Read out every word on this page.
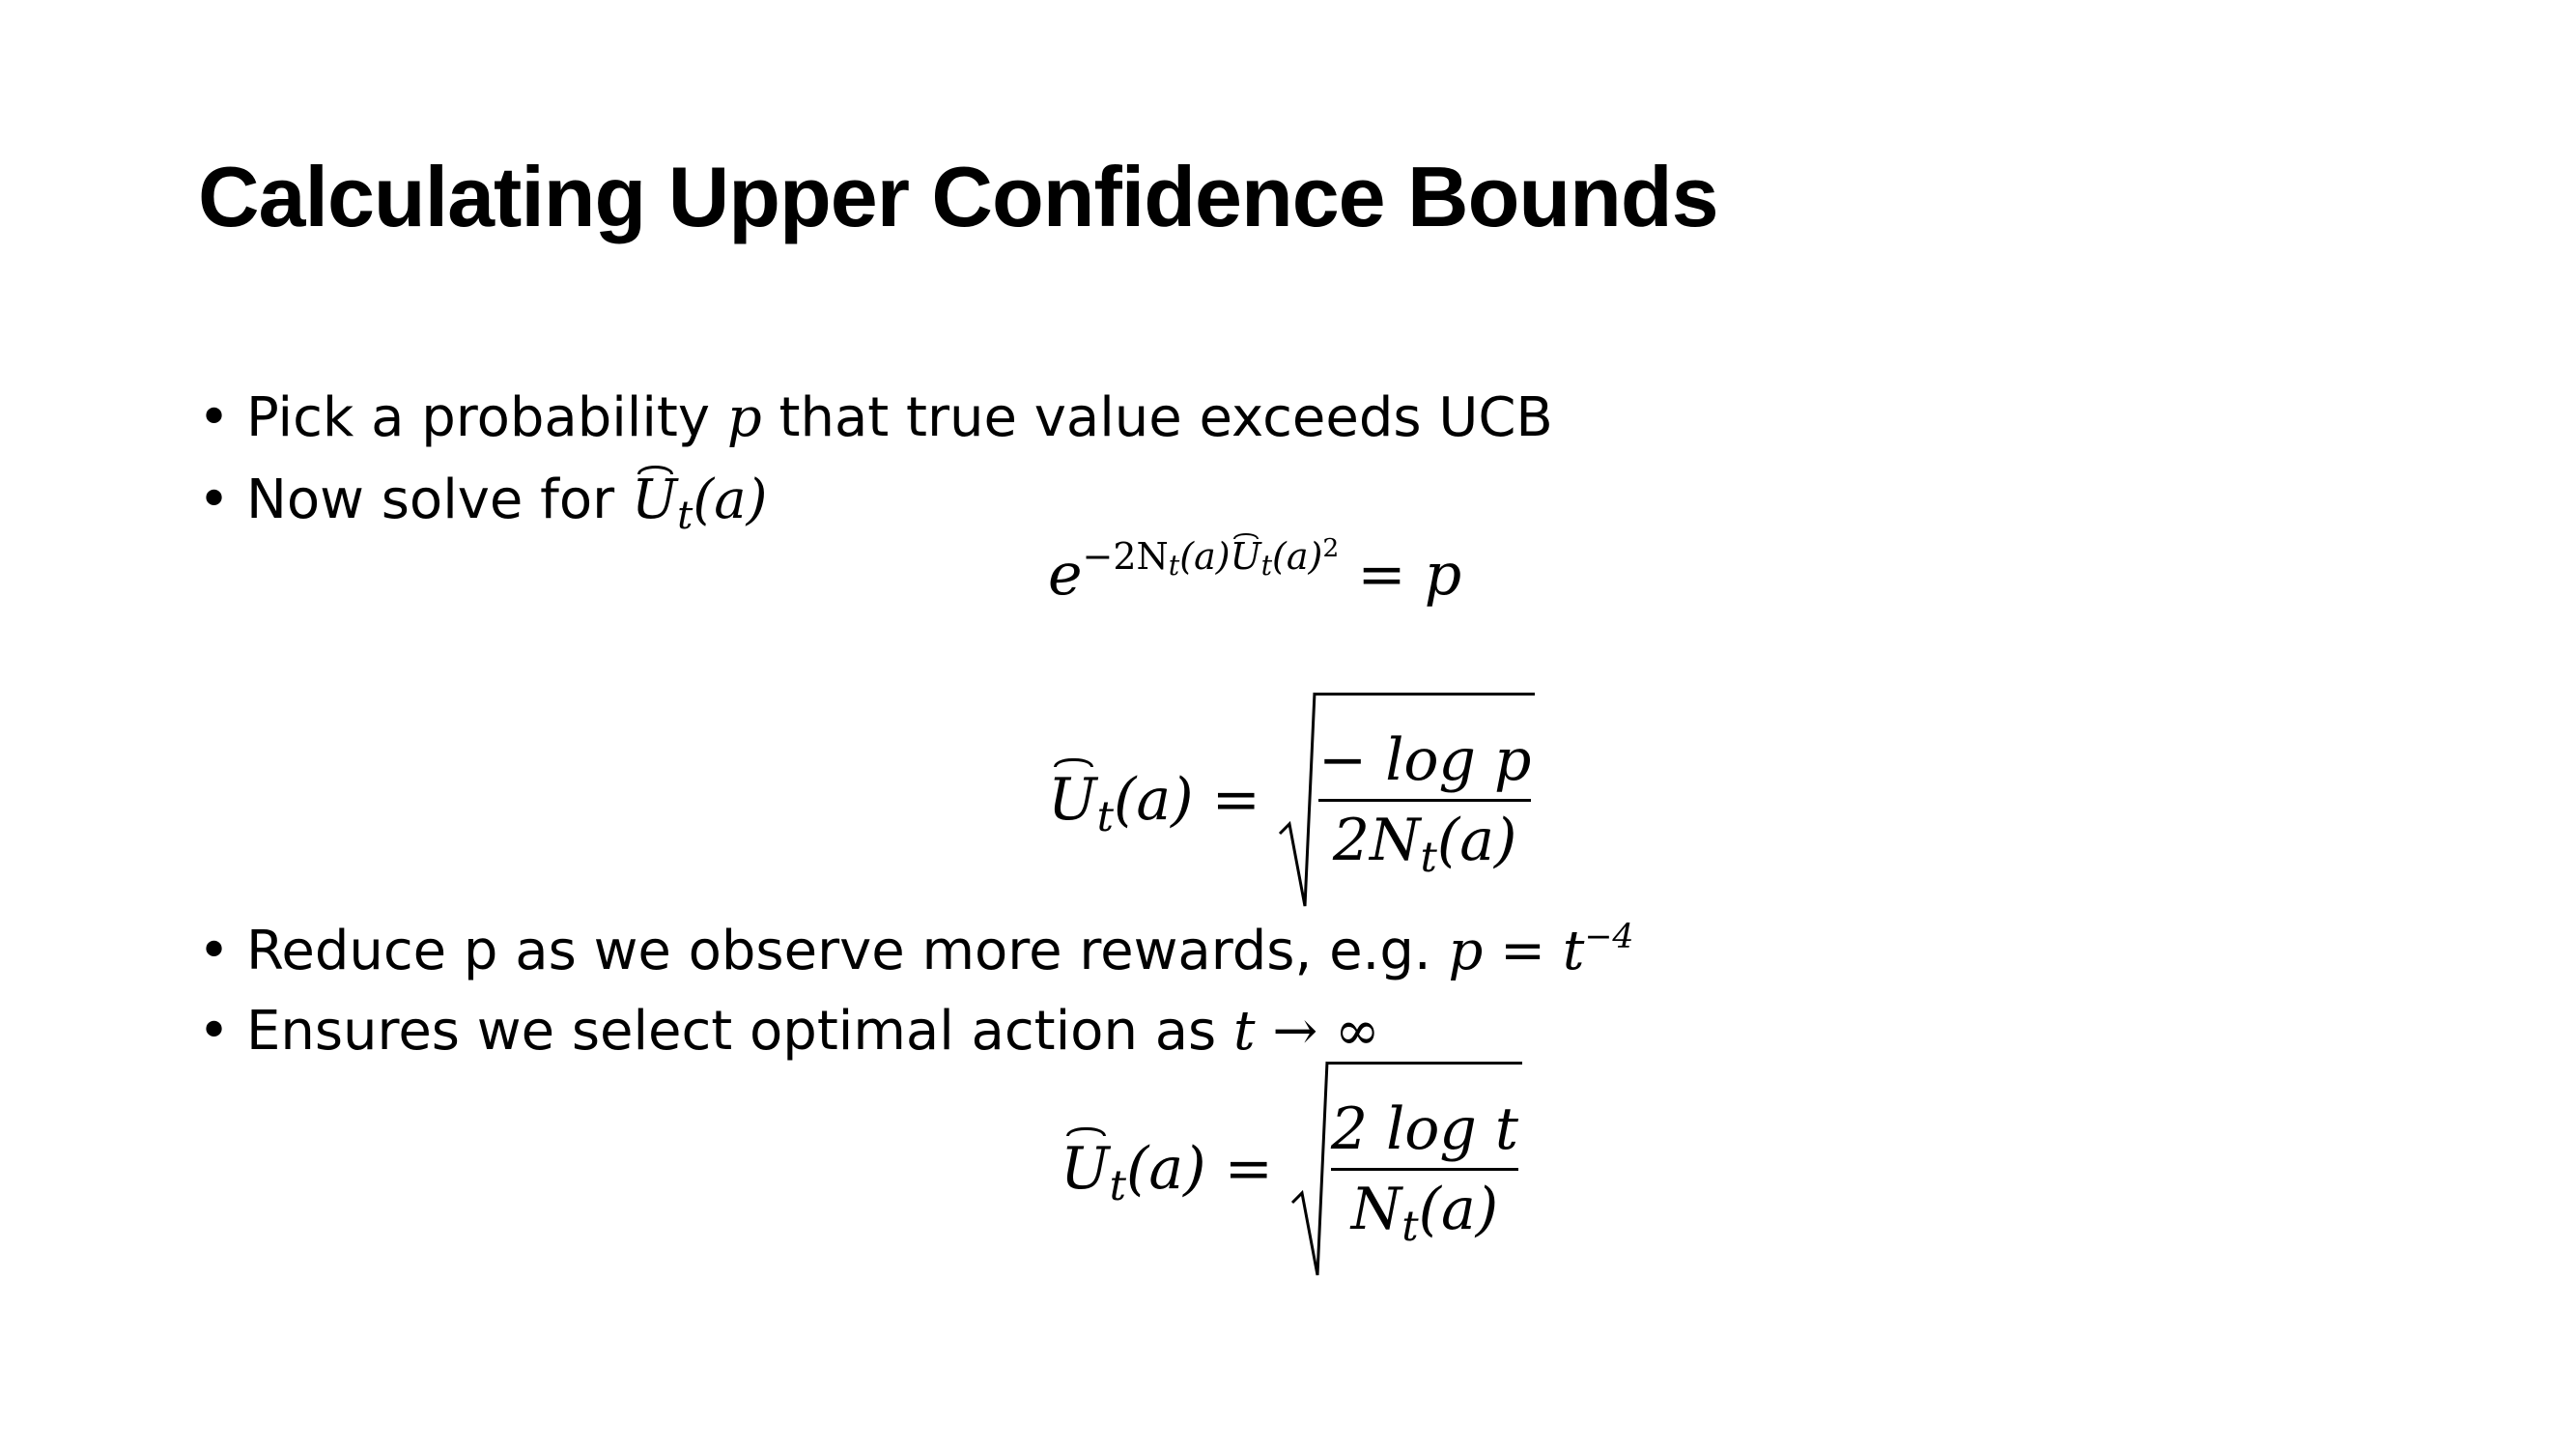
Calculating Upper Confidence Bounds
• Pick a probability p that true value exceeds UCB
• Now solve for $U_t(a)$
$e^{-2Nt(a)Ut(a)^2} = p$
$U_t(a) = \frac{\text{− log p}}{2N_t(a)}$
• Reduce p as we observe more rewards, e.g. $p = t^{-4}$
• Ensures we select optimal action as t → ∞
$U_t(a) = \frac{\text{2 log t}}{N_t(a)}$
